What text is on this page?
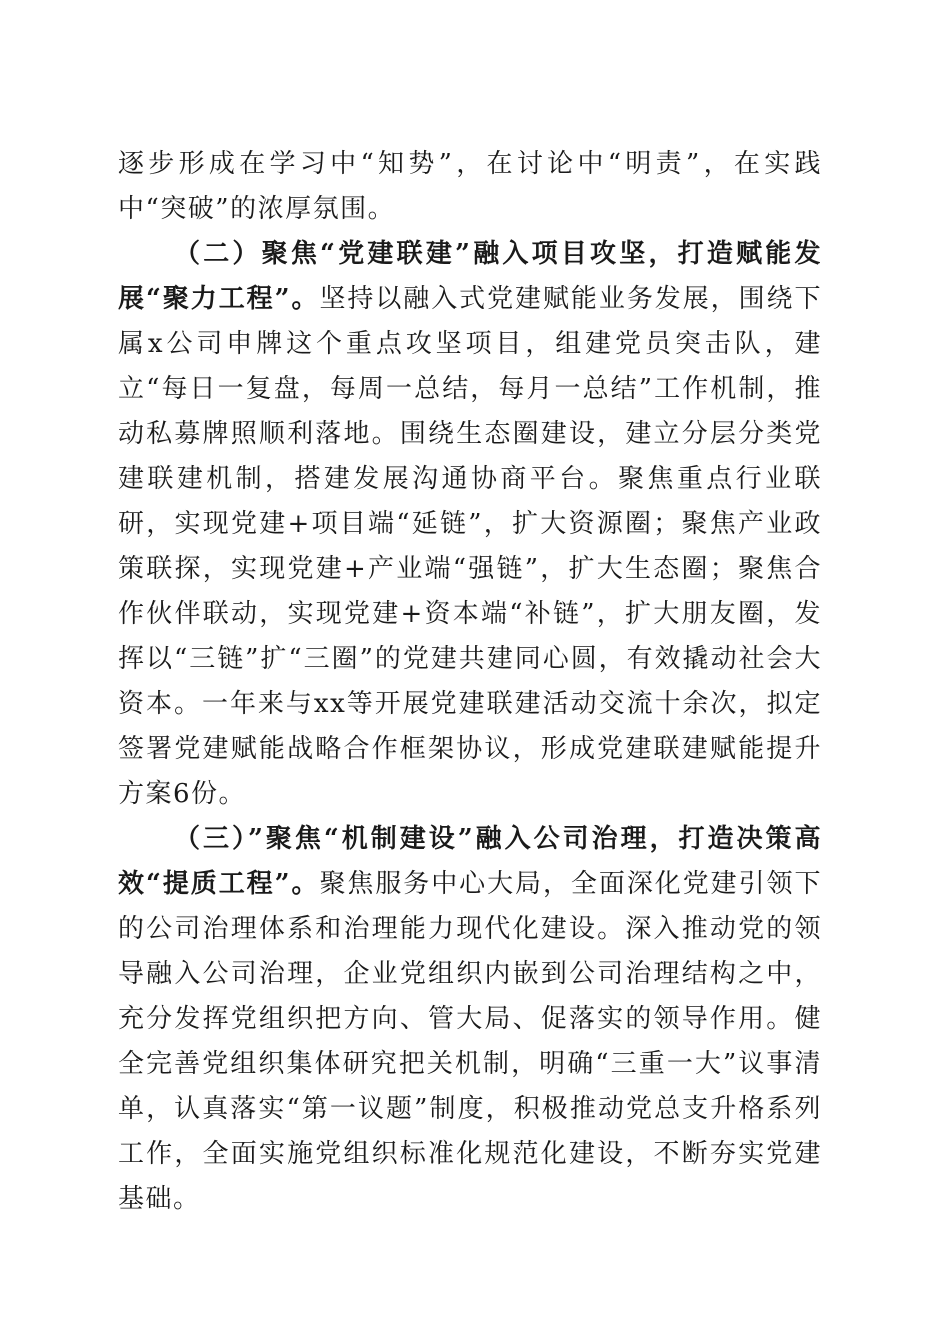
逐步形成在学习中“知势”，在讨论中“明责”，在实践中“突破”的浓厚氛围。

（二）聚焦“党建联建”融入项目攻坚，打造赋能发展“聚力工程”。坚持以融入式党建赋能业务发展，围绕下属x公司申牌这个重点攻坚项目，组建党员突击队，建立“每日一复盘，每周一总结，每月一总结”工作机制，推动私募牌照顺利落地。围绕生态圈建设，建立分层分类党建联建机制，搭建发展沟通协商平台。聚焦重点行业联研，实现党建+项目端“延链”，扩大资源圈；聚焦产业政策联探，实现党建+产业端“强链”，扩大生态圈；聚焦合作伙伴联动，实现党建+资本端“补链”，扩大朋友圈，发挥以“三链”扩“三圈”的党建共建同心圆，有效撬动社会大资本。一年来与xx等开展党建联建活动交流十余次，拟定签署党建赋能战略合作框架协议，形成党建联建赋能提升方案6份。

（三）”聚焦“机制建设”融入公司治理，打造决策高效“提质工程”。聚焦服务中心大局，全面深化党建引领下的公司治理体系和治理能力现代化建设。深入推动党的领导融入公司治理，企业党组织内嵌到公司治理结构之中，充分发挥党组织把方向、管大局、促落实的领导作用。健全完善党组织集体研究把关机制，明确“三重一大”议事清单，认真落实“第一议题”制度，积极推动党总支升格系列工作，全面实施党组织标准化规范化建设，不断夯实党建基础。
